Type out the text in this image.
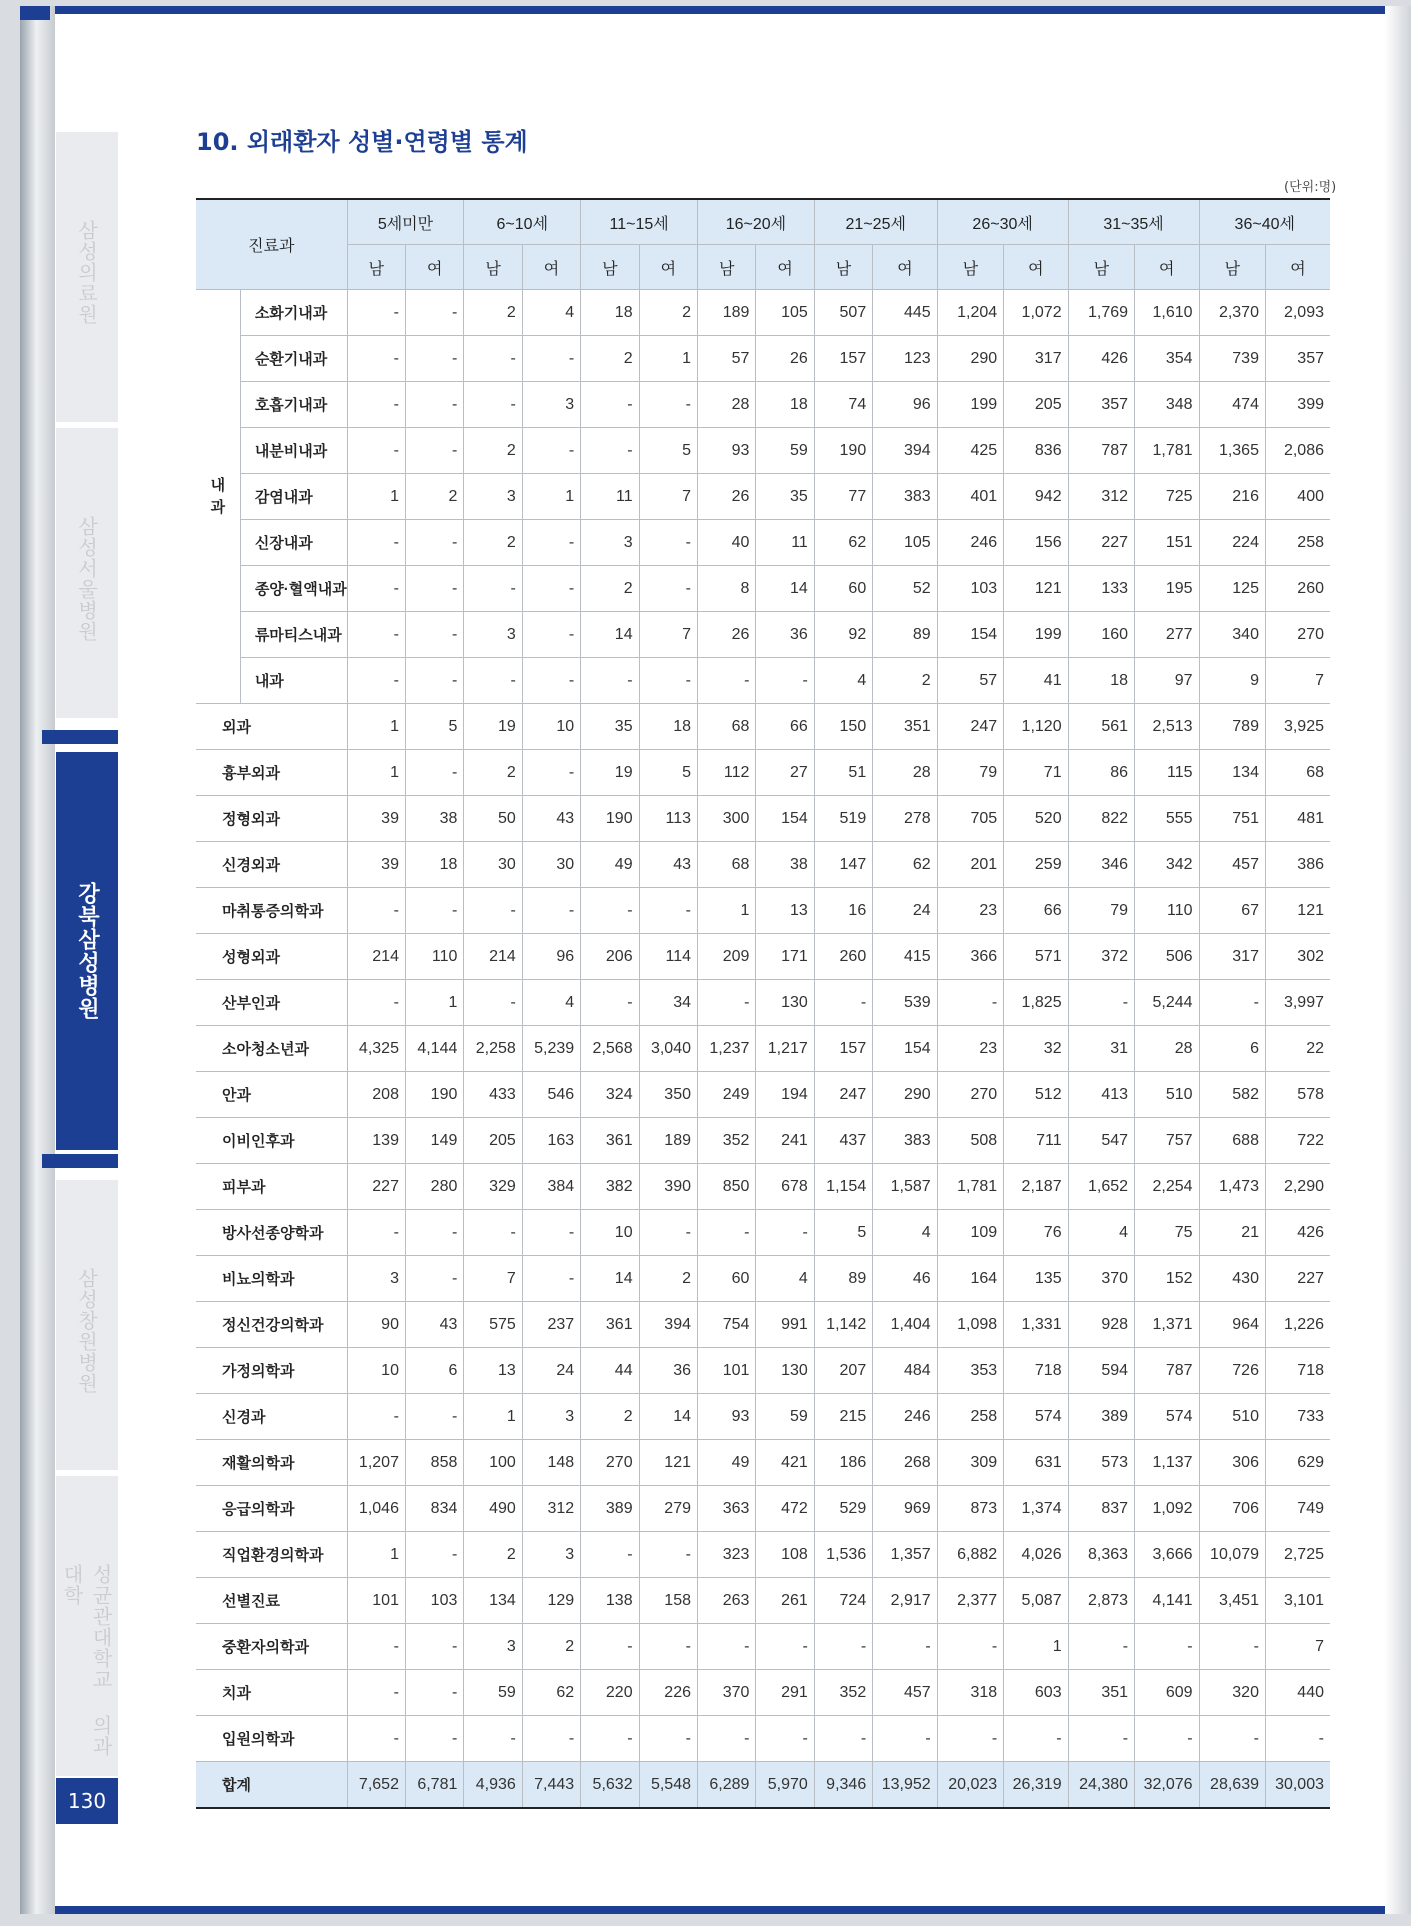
삼성의료원
삼성서울병원
강북삼성병원
삼성창원병원
성균관대학교 의과대학
130
10. 외래환자 성별·연령별 통계
(단위:명)
진료과		5세미만		6~10세		11~15세		16~20세		21~25세		26~30세		31~35세		36~40세	
		남	여	남	여	남	여	남	여	남	여	남	여	남	여	남	여
내
과	소화기내과	-	-	2	4	18	2	189	105	507	445	1,204	1,072	1,769	1,610	2,370	2,093
	순환기내과	-	-	-	-	2	1	57	26	157	123	290	317	426	354	739	357
	호흡기내과	-	-	-	3	-	-	28	18	74	96	199	205	357	348	474	399
	내분비내과	-	-	2	-	-	5	93	59	190	394	425	836	787	1,781	1,365	2,086
	감염내과	1	2	3	1	11	7	26	35	77	383	401	942	312	725	216	400
	신장내과	-	-	2	-	3	-	40	11	62	105	246	156	227	151	224	258
	종양·혈액내과	-	-	-	-	2	-	8	14	60	52	103	121	133	195	125	260
	류마티스내과	-	-	3	-	14	7	26	36	92	89	154	199	160	277	340	270
	내과	-	-	-	-	-	-	-	-	4	2	57	41	18	97	9	7
외과		1	5	19	10	35	18	68	66	150	351	247	1,120	561	2,513	789	3,925
흉부외과		1	-	2	-	19	5	112	27	51	28	79	71	86	115	134	68
정형외과		39	38	50	43	190	113	300	154	519	278	705	520	822	555	751	481
신경외과		39	18	30	30	49	43	68	38	147	62	201	259	346	342	457	386
마취통증의학과		-	-	-	-	-	-	1	13	16	24	23	66	79	110	67	121
성형외과		214	110	214	96	206	114	209	171	260	415	366	571	372	506	317	302
산부인과		-	1	-	4	-	34	-	130	-	539	-	1,825	-	5,244	-	3,997
소아청소년과		4,325	4,144	2,258	5,239	2,568	3,040	1,237	1,217	157	154	23	32	31	28	6	22
안과		208	190	433	546	324	350	249	194	247	290	270	512	413	510	582	578
이비인후과		139	149	205	163	361	189	352	241	437	383	508	711	547	757	688	722
피부과		227	280	329	384	382	390	850	678	1,154	1,587	1,781	2,187	1,652	2,254	1,473	2,290
방사선종양학과		-	-	-	-	10	-	-	-	5	4	109	76	4	75	21	426
비뇨의학과		3	-	7	-	14	2	60	4	89	46	164	135	370	152	430	227
정신건강의학과		90	43	575	237	361	394	754	991	1,142	1,404	1,098	1,331	928	1,371	964	1,226
가정의학과		10	6	13	24	44	36	101	130	207	484	353	718	594	787	726	718
신경과		-	-	1	3	2	14	93	59	215	246	258	574	389	574	510	733
재활의학과		1,207	858	100	148	270	121	49	421	186	268	309	631	573	1,137	306	629
응급의학과		1,046	834	490	312	389	279	363	472	529	969	873	1,374	837	1,092	706	749
직업환경의학과		1	-	2	3	-	-	323	108	1,536	1,357	6,882	4,026	8,363	3,666	10,079	2,725
선별진료		101	103	134	129	138	158	263	261	724	2,917	2,377	5,087	2,873	4,141	3,451	3,101
중환자의학과		-	-	3	2	-	-	-	-	-	-	-	1	-	-	-	7
치과		-	-	59	62	220	226	370	291	352	457	318	603	351	609	320	440
입원의학과		-	-	-	-	-	-	-	-	-	-	-	-	-	-	-	-
합계		7,652	6,781	4,936	7,443	5,632	5,548	6,289	5,970	9,346	13,952	20,023	26,319	24,380	32,076	28,639	30,003
